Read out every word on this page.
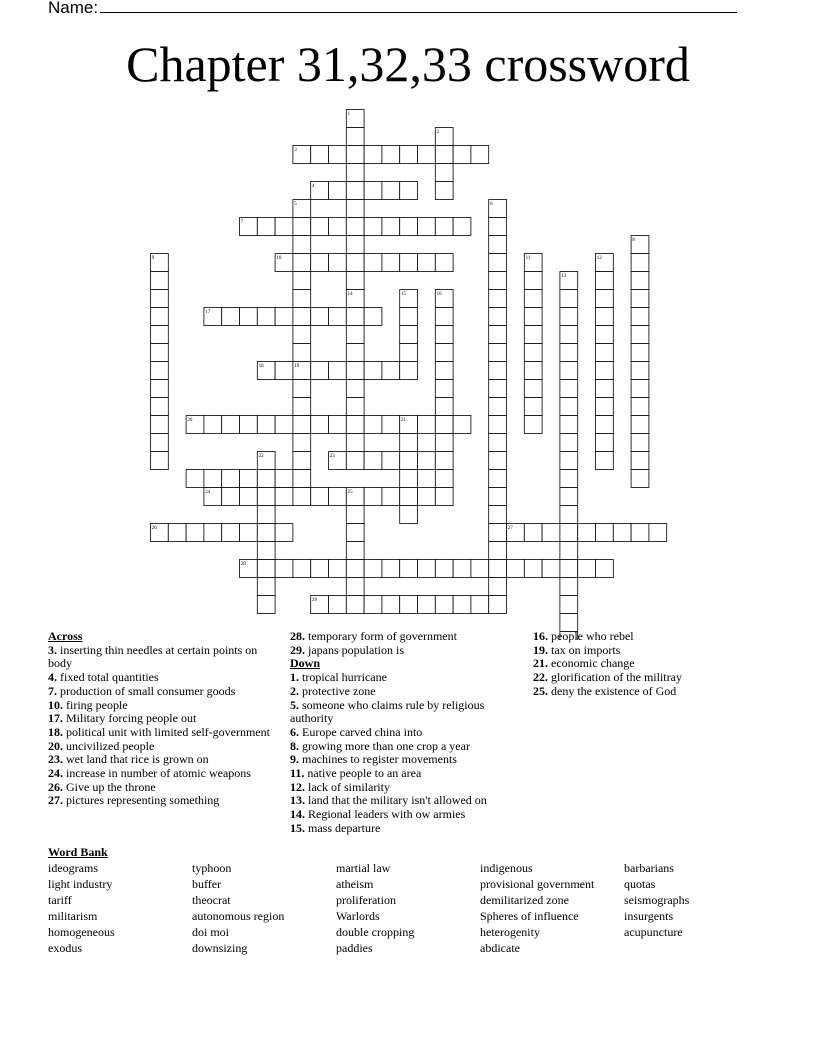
Name:
Chapter 31,32,33 crossword
1
2
3
4
5	6
7
8
9	10	11	12
13
14	15	16
17
18	19
20	21
22	23
24	25
26	27
28
29
Across
3. inserting thin needles at certain points on body
4. fixed total quantities
7. production of small consumer goods
10. firing people
17. Military forcing people out
18. political unit with limited self-government
20. uncivilized people
23. wet land that rice is grown on
24. increase in number of atomic weapons
26. Give up the throne
27. pictures representing something
28. temporary form of government
29. japans population is
Down
1. tropical hurricane
2. protective zone
5. someone who claims rule by religious authority
6. Europe carved china into
8. growing more than one crop a year
9. machines to register movements
11. native people to an area
12. lack of similarity
13. land that the military isn't allowed on
14. Regional leaders with ow armies
15. mass departure
16. people who rebel
19. tax on imports
21. economic change
22. glorification of the militray
25. deny the existence of God
Word Bank
ideograms	typhoon	martial law	indigenous	barbarians
light industry	buffer	atheism	provisional government	quotas
tariff	theocrat	proliferation	demilitarized zone	seismographs
militarism	autonomous region	Warlords	Spheres of influence	insurgents
homogeneous	doi moi	double cropping	heterogenity	acupuncture
exodus	downsizing	paddies	abdicate
